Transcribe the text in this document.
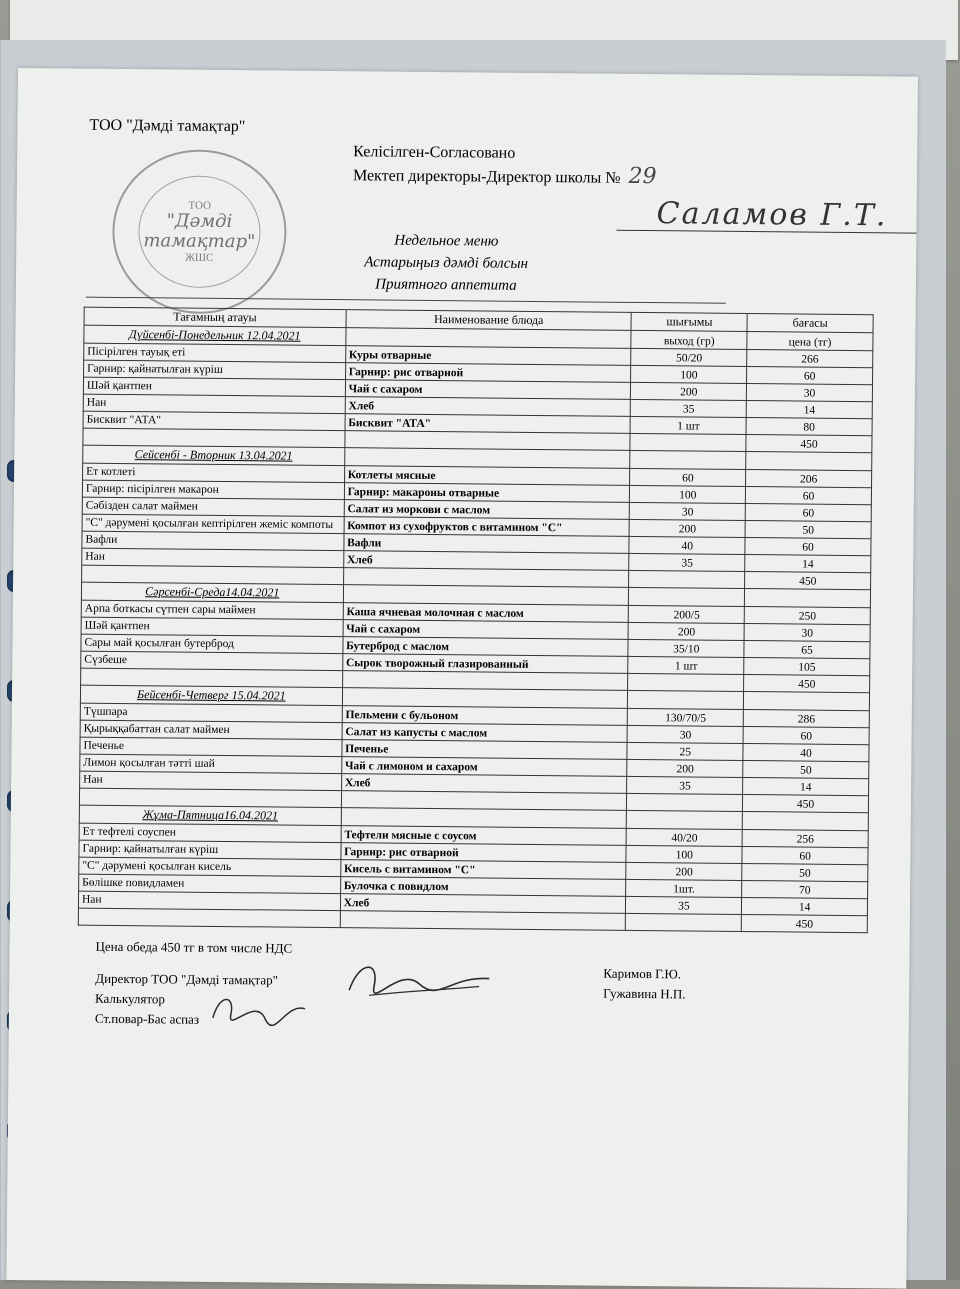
ТОО "Дәмді тамақтар"
ТОО
"Дәмді
тамақтар"
ЖШС
Келісілген-Согласовано
Мектеп директоры-Директор школы № 29
Саламов Г.Т.
Недельное меню
Астарыңыз дәмді болсын
Приятного аппетита
Тағамның атауы	Наименование блюда	шығымы	бағасы
Дүйсенбі-Понедельник 12.04.2021		выход (гр)	цена (тг)
Пісірілген тауық еті	Куры отварные	50/20	266
Гарнир: қайнатылған күріш	Гарнир: рис отварной	100	60
Шәй қантпен	Чай с сахаром	200	30
Нан	Хлеб	35	14
Бисквит "АТА"	Бисквит "АТА"	1 шт	80
			450
Сейсенбі - Вторник 13.04.2021			
Ет котлеті	Котлеты мясные	60	206
Гарнир: пісірілген макарон	Гарнир: макароны отварные	100	60
Сәбізден салат маймен	Салат из моркови с маслом	30	60
"С" дәрумені қосылған кептірілген жеміс компоты	Компот из сухофруктов с витамином "С"	200	50
Вафли	Вафли	40	60
Нан	Хлеб	35	14
			450
Сәрсенбі-Среда14.04.2021			
Арпа боткасы сүтпен сары маймен	Каша ячневая молочная с маслом	200/5	250
Шәй қантпен	Чай с сахаром	200	30
Сары май қосылған бутерброд	Бутерброд с маслом	35/10	65
Сүзбеше	Сырок творожный глазированный	1 шт	105
			450
Бейсенбі-Четверг 15.04.2021			
Түшпара	Пельмени с бульоном	130/70/5	286
Қырыққабаттан салат маймен	Салат из капусты с маслом	30	60
Печенье	Печенье	25	40
Лимон қосылған тәтті шай	Чай с лимоном и сахаром	200	50
Нан	Хлеб	35	14
			450
Жұма-Пятница16.04.2021			
Ет тефтелі соуспен	Тефтели мясные с соусом	40/20	256
Гарнир: қайнатылған күріш	Гарнир: рис отварной	100	60
"С" дәрумені қосылған кисель	Кисель с витамином "С"	200	50
Бөлішке повидламен	Булочка с повидлом	1шт.	70
Нан	Хлеб	35	14
			450
Цена обеда 450 тг в том числе НДС
Директор ТОО "Дәмді тамақтар"
Калькулятор
Ст.повар-Бас аспаз
Каримов Г.Ю.
Гужавина Н.П.
